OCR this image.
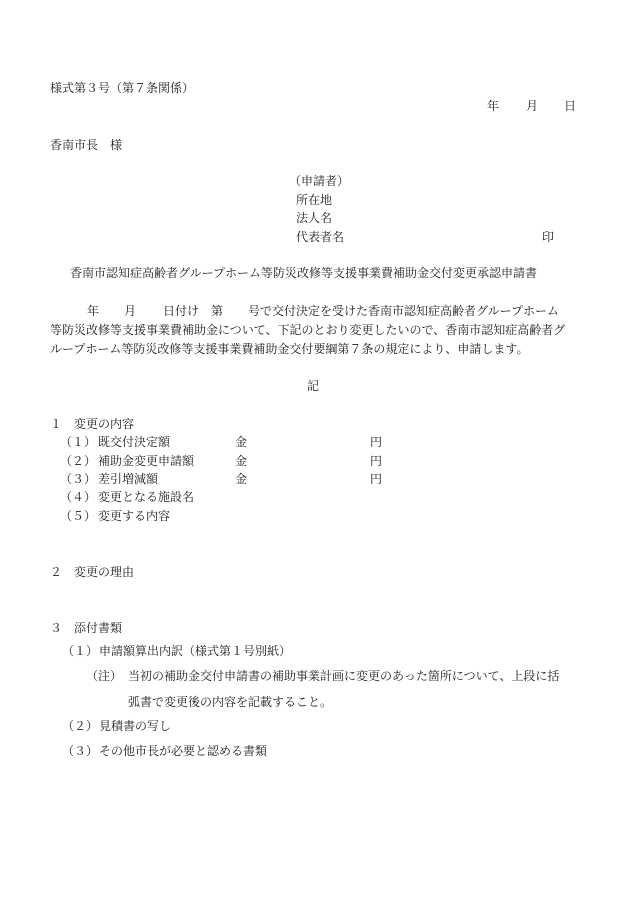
様式第３号（第７条関係）
年 月 日
香南市長　様
（申請者）
所在地
法人名
代表者名	印
香南市認知症高齢者グループホーム等防災改修等支援事業費補助金交付変更承認申請書
年 月 日付け 第 号で交付決定を受けた香南市認知症高齢者グループホーム
等防災改修等支援事業費補助金について、下記のとおり変更したいので、香南市認知症高齢者グ
ループホーム等防災改修等支援事業費補助金交付要綱第７条の規定により、申請します。
記
１　変更の内容
（１） 既交付決定額	金	円
（２） 補助金変更申請額	金	円
（３） 差引増減額	金	円
（４） 変更となる施設名
（５） 変更する内容
２　変更の理由
３　添付書類
（１） 申請額算出内訳（様式第１号別紙）
（注） 当初の補助金交付申請書の補助事業計画に変更のあった箇所について、上段に括
弧書で変更後の内容を記載すること。
（２） 見積書の写し
（３） その他市長が必要と認める書類
